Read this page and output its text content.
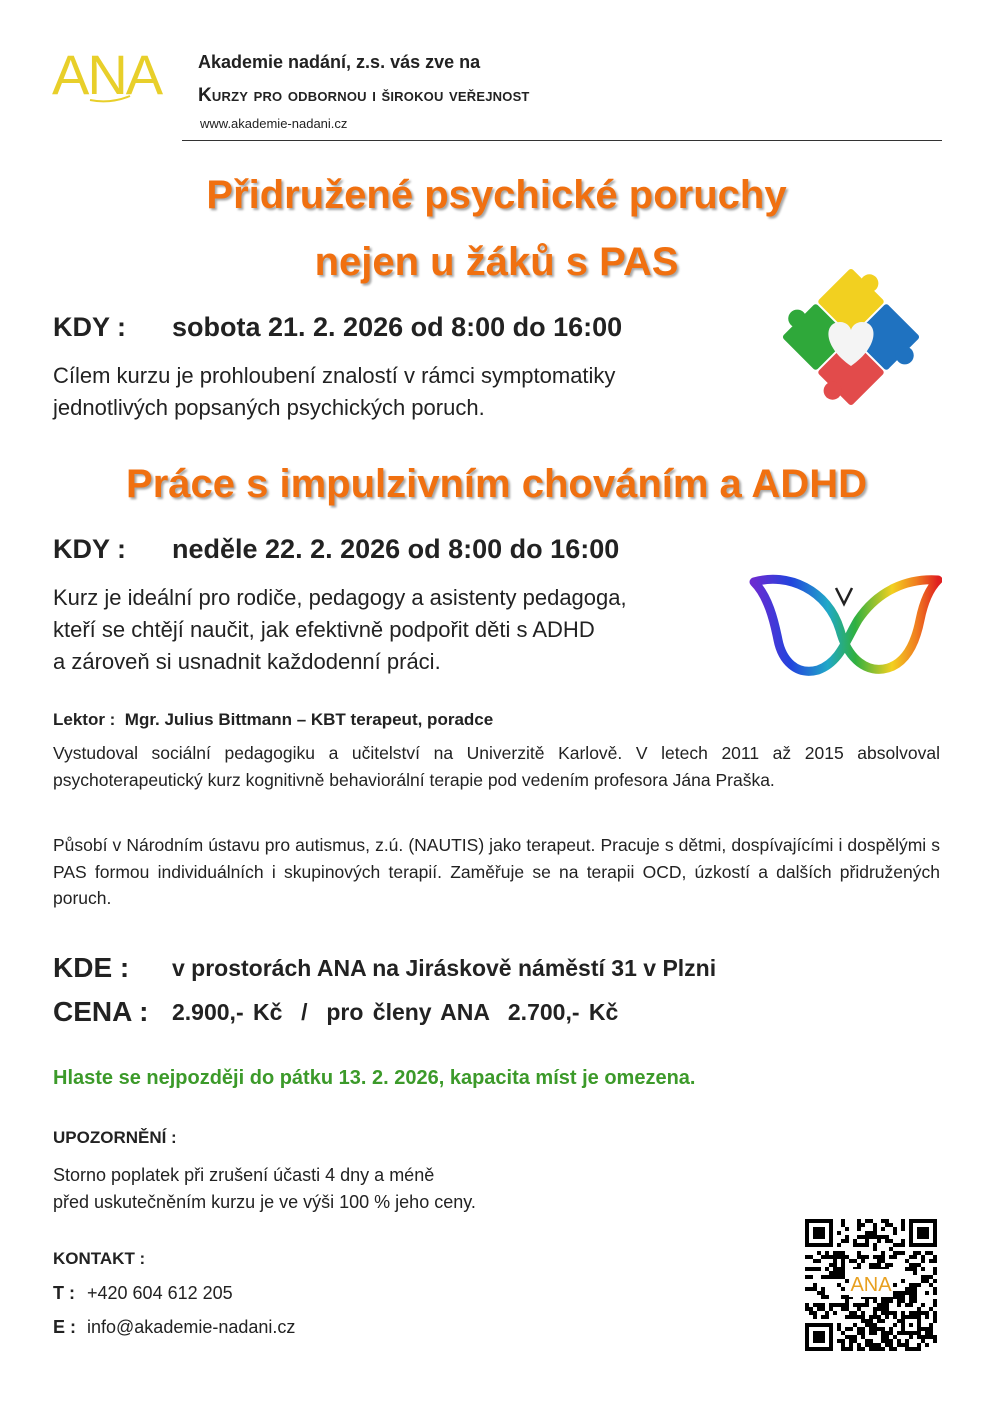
ANA Akademie nadání, z.s. vás zve na
Kurzy pro odbornou i širokou veřejnost
www.akademie-nadani.cz
Přidružené psychické poruchy
nejen u žáků s PAS
KDY : sobota 21. 2. 2026 od 8:00 do 16:00
Cílem kurzu je prohloubení znalostí v rámci symptomatiky
jednotlivých popsaných psychických poruch.
Práce s impulzivním chováním a ADHD
KDY : neděle 22. 2. 2026 od 8:00 do 16:00
Kurz je ideální pro rodiče, pedagogy a asistenty pedagoga,
kteří se chtějí naučit, jak efektivně podpořit děti s ADHD
a zároveň si usnadnit každodenní práci.
Lektor : Mgr. Julius Bittmann – KBT terapeut, poradce
Vystudoval sociální pedagogiku a učitelství na Univerzitě Karlově. V letech 2011 až 2015 absolvoval psychoterapeutický kurz kognitivně behaviorální terapie pod vedením profesora Jána Praška.
Působí v Národním ústavu pro autismus, z.ú. (NAUTIS) jako terapeut. Pracuje s dětmi, dospívajícími i dospělými s PAS formou individuálních i skupinových terapií. Zaměřuje se na terapii OCD, úzkostí a dalších přidružených poruch.
KDE : v prostorách ANA na Jiráskově náměstí 31 v Plzni
CENA : 2.900,- Kč  /  pro členy ANA  2.700,- Kč
Hlaste se nejpozději do pátku 13. 2. 2026, kapacita míst je omezena.
UPOZORNĚNÍ :
Storno poplatek při zrušení účasti 4 dny a méně
před uskutečněním kurzu je ve výši 100 % jeho ceny.
KONTAKT :
T : +420 604 612 205
E : info@akademie-nadani.cz
ANA
